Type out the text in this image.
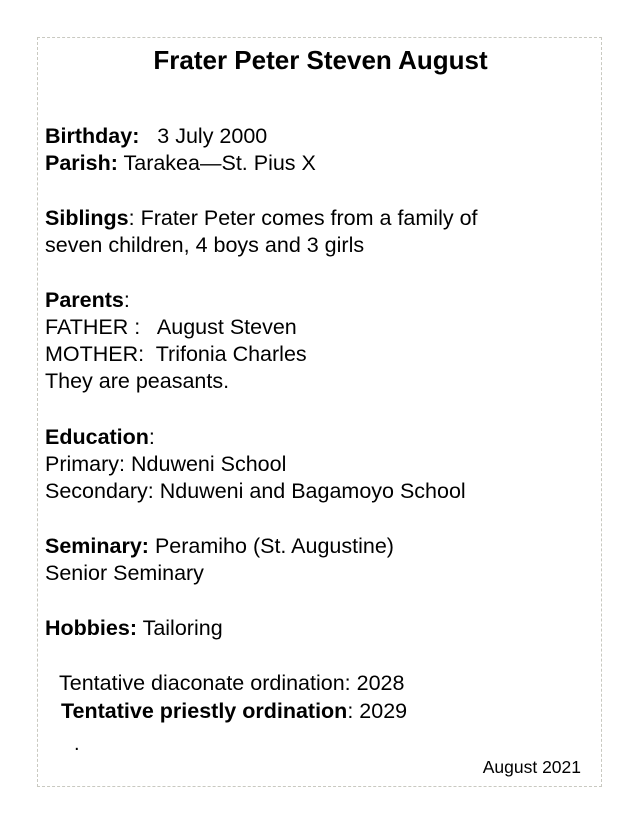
Frater Peter Steven August
Birthday: 3 July 2000
Parish: Tarakea—St. Pius X
Siblings: Frater Peter comes from a family of
seven children, 4 boys and 3 girls
Parents:
FATHER : August Steven
MOTHER: Trifonia Charles
They are peasants.
Education:
Primary: Nduweni School
Secondary: Nduweni and Bagamoyo School
Seminary: Peramiho (St. Augustine)
Senior Seminary
Hobbies: Tailoring
Tentative diaconate ordination: 2028
Tentative priestly ordination: 2029
.
August 2021
